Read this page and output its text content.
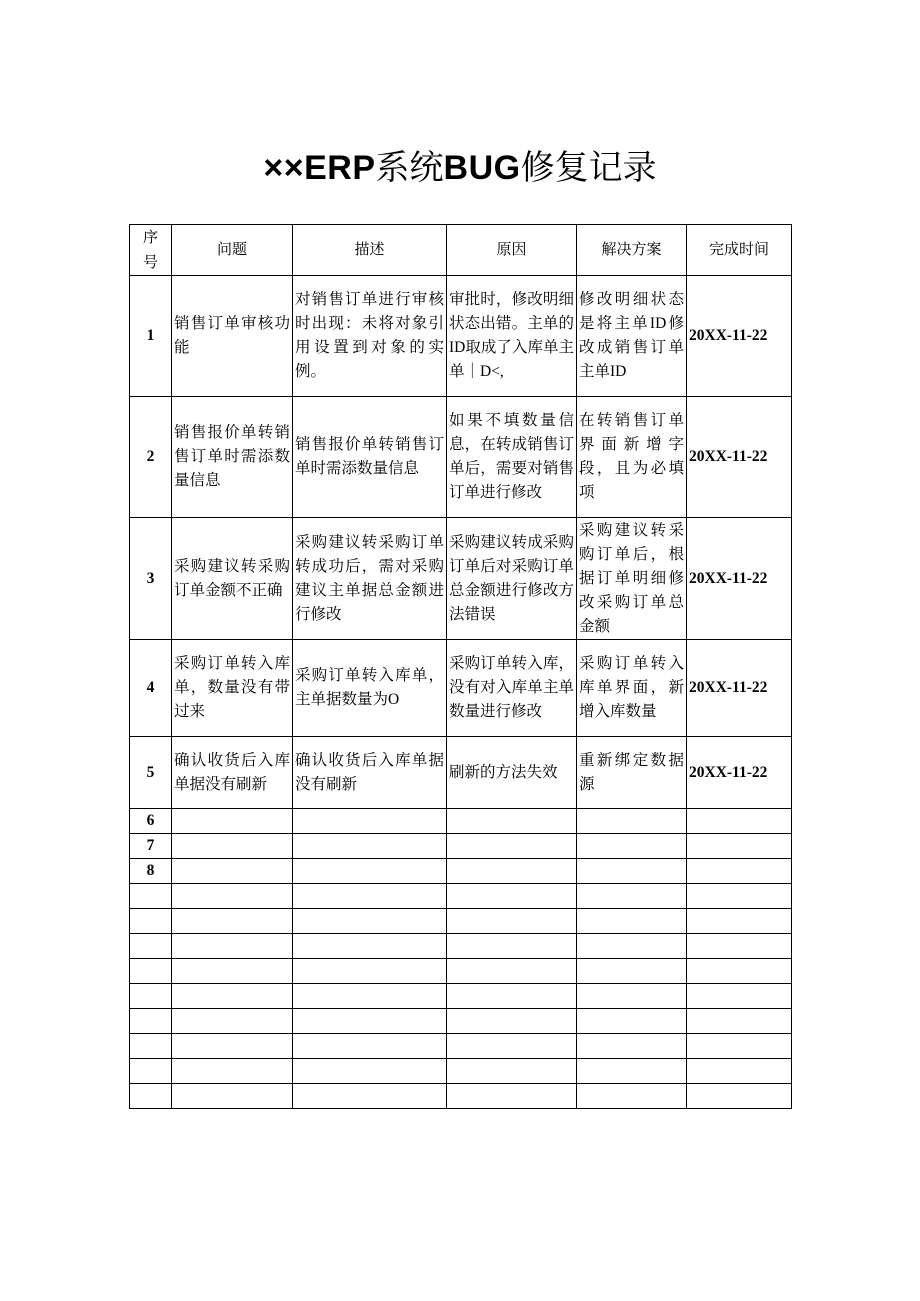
××ERP系统BUG修复记录
序号	问题	描述	原因	解决方案	完成时间
1	销售订单审核功能	对销售订单进行审核时出现：未将对象引用设置到对象的实例。	审批时，修改明细状态出错。主单的ID取成了入库单主单｜D<,	修改明细状态是将主单ID修改成销售订单主单ID	20XX-11-22
2	销售报价单转销售订单时需添数量信息	销售报价单转销售订单时需添数量信息	如果不填数量信息，在转成销售订单后，需要对销售订单进行修改	在转销售订单界面新增字段，且为必填项	20XX-11-22
3	采购建议转采购订单金额不正确	采购建议转采购订单转成功后，需对采购建议主单据总金额进行修改	采购建议转成采购订单后对采购订单总金额进行修改方法错误	采购建议转采购订单后，根据订单明细修改采购订单总金额	20XX-11-22
4	采购订单转入库单，数量没有带过来	采购订单转入库单，主单据数量为O	采购订单转入库，没有对入库单主单数量进行修改	采购订单转入库单界面，新增入库数量	20XX-11-22
5	确认收货后入库单据没有刷新	确认收货后入库单据没有刷新	刷新的方法失效	重新绑定数据源	20XX-11-22
6					
7					
8					
